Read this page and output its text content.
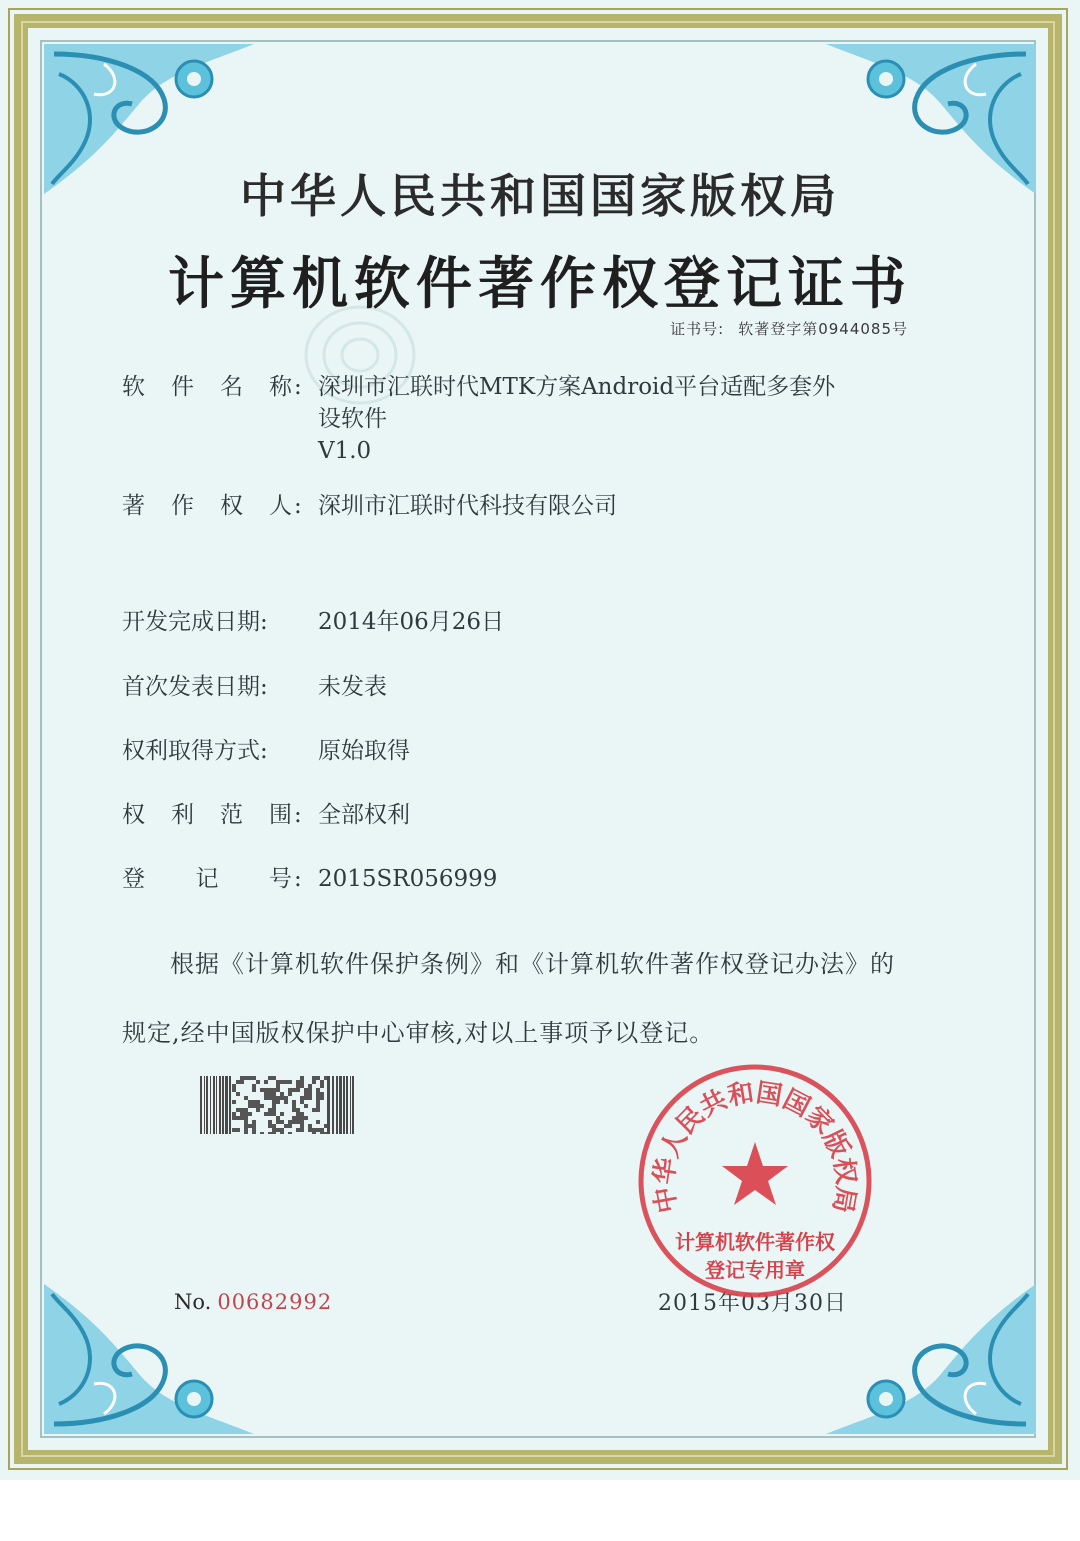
中华人民共和国国家版权局
计算机软件著作权登记证书
证书号: 软著登字第0944085号
软 件 名 称 : 深圳市汇联时代MTK方案Android平台适配多套外
设软件
V1.0
著 作 权 人 : 深圳市汇联时代科技有限公司
开发完成日期:	2014年06月26日
首次发表日期:	未发表
权利取得方式:	原始取得
权 利 范 围 : 全部权利
登 记 号 : 2015SR056999
根据《计算机软件保护条例》和《计算机软件著作权登记办法》的
规定,经中国版权保护中心审核,对以上事项予以登记。
No. 00682992	2015年03月30日
中华人民共和国国家版权局
计算机软件著作权
登记专用章
